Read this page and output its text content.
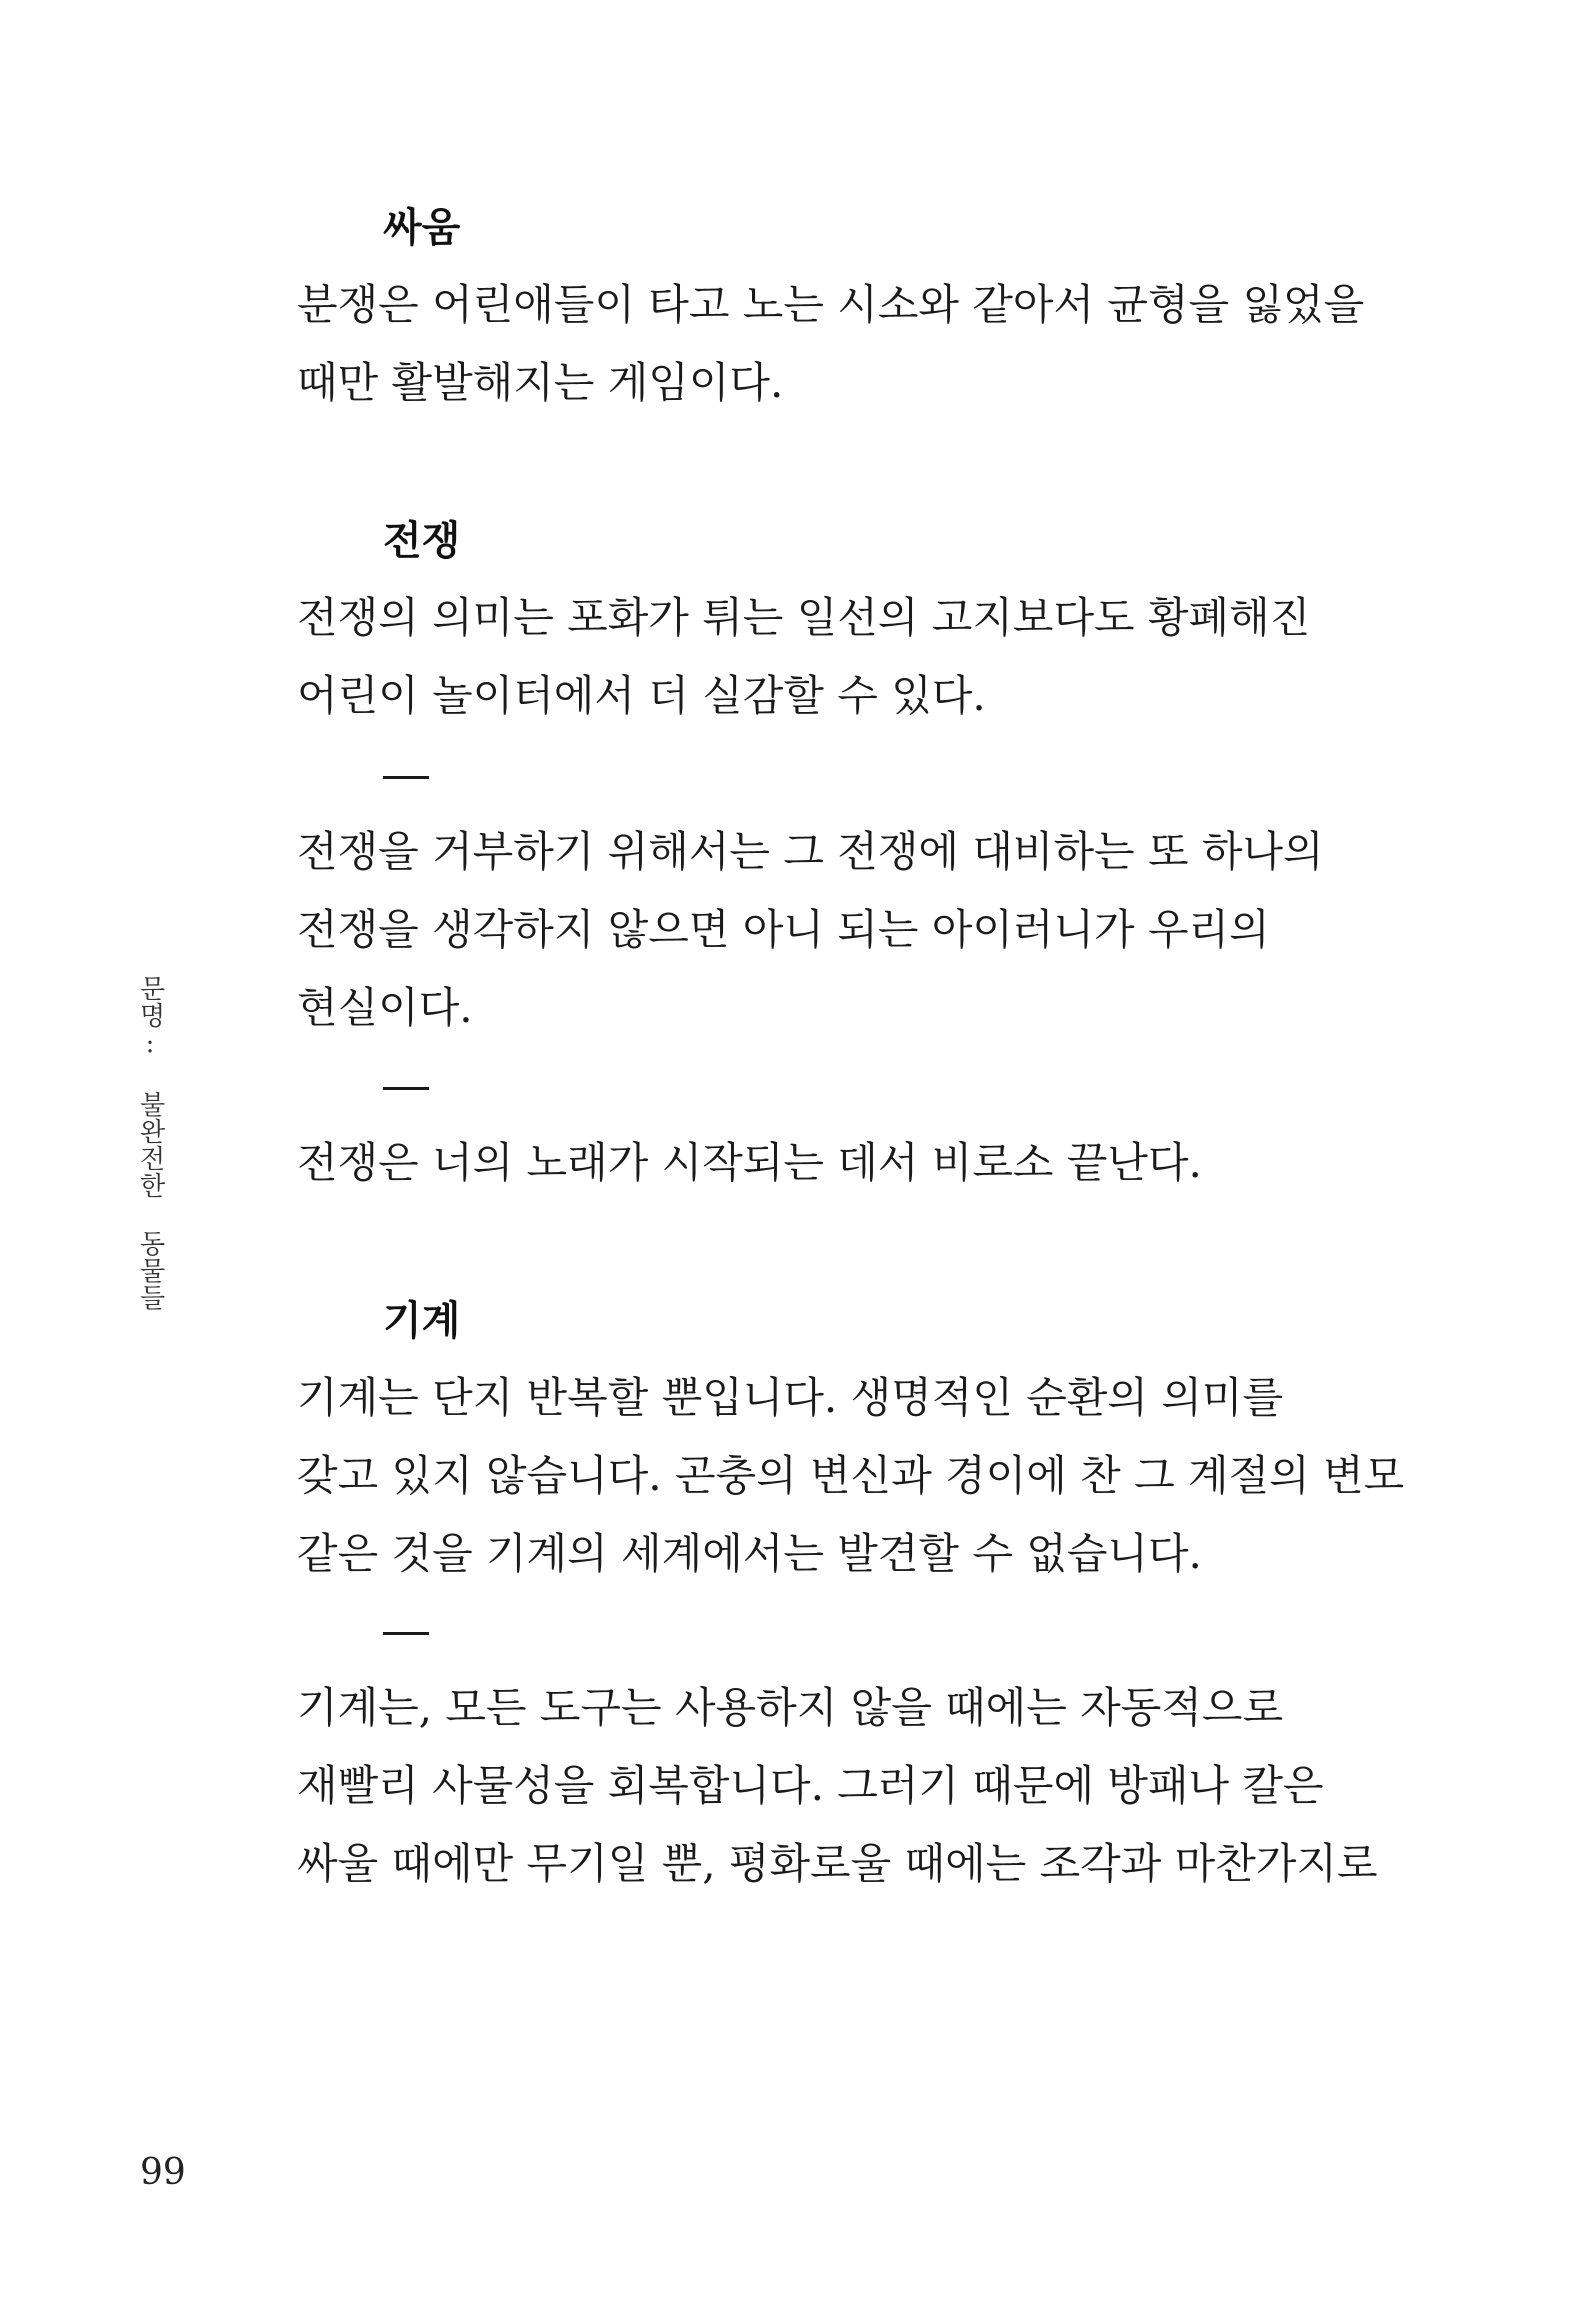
싸움

분쟁은 어린애들이 타고 노는 시소와 같아서 균형을 잃었을
때만 활발해지는 게임이다.

전쟁

전쟁의 의미는 포화가 튀는 일선의 고지보다도 황폐해진
어린이 놀이터에서 더 실감할 수 있다.

전쟁을 거부하기 위해서는 그 전쟁에 대비하는 또 하나의
전쟁을 생각하지 않으면 아니 되는 아이러니가 우리의
현실이다.

전쟁은 너의 노래가 시작되는 데서 비로소 끝난다.

기계

기계는 단지 반복할 뿐입니다. 생명적인 순환의 의미를
갖고 있지 않습니다. 곤충의 변신과 경이에 찬 그 계절의 변모
같은 것을 기계의 세계에서는 발견할 수 없습니다.

기계는, 모든 도구는 사용하지 않을 때에는 자동적으로
재빨리 사물성을 회복합니다. 그러기 때문에 방패나 칼은
싸울 때에만 무기일 뿐, 평화로울 때에는 조각과 마찬가지로

문명: 불완전한 동물들
99
